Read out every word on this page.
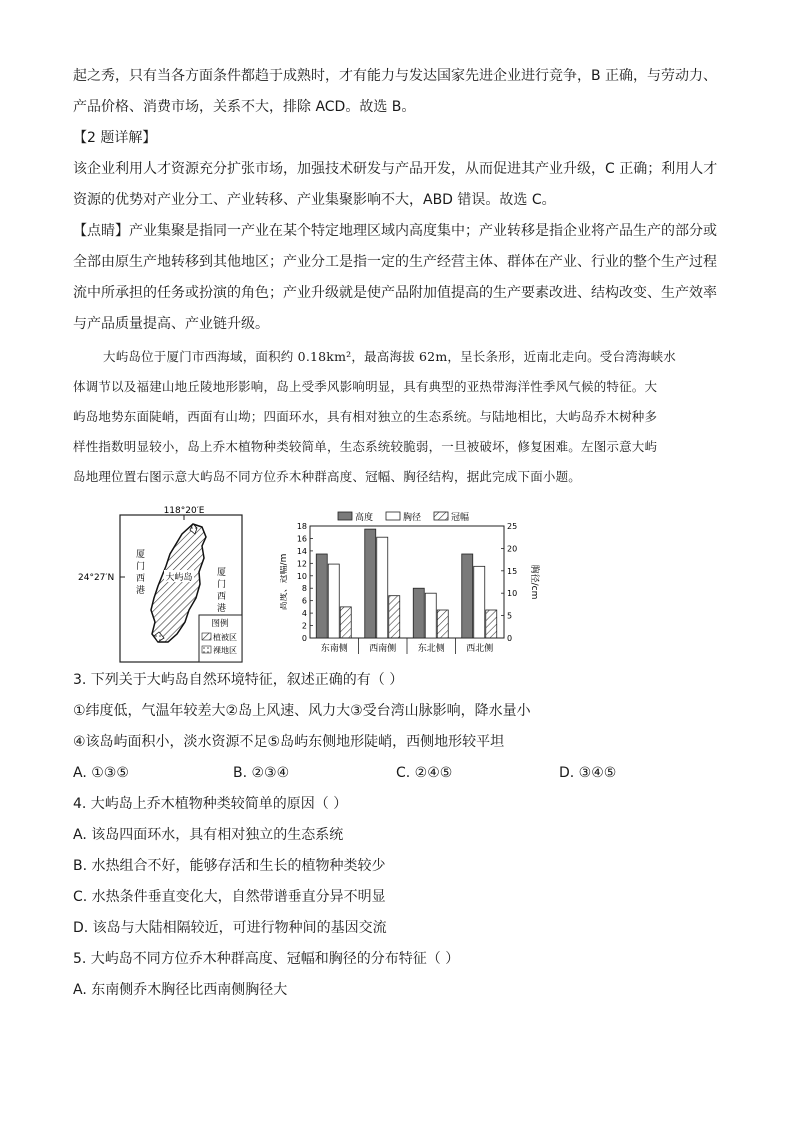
起之秀，只有当各方面条件都趋于成熟时，才有能力与发达国家先进企业进行竞争，B 正确，与劳动力、
产品价格、消费市场，关系不大，排除 ACD。故选 B。
【2 题详解】
该企业利用人才资源充分扩张市场，加强技术研发与产品开发，从而促进其产业升级，C 正确；利用人才
资源的优势对产业分工、产业转移、产业集聚影响不大，ABD 错误。故选 C。
【点睛】产业集聚是指同一产业在某个特定地理区域内高度集中；产业转移是指企业将产品生产的部分或
全部由原生产地转移到其他地区；产业分工是指一定的生产经营主体、群体在产业、行业的整个生产过程
流中所承担的任务或扮演的角色；产业升级就是使产品附加值提高的生产要素改进、结构改变、生产效率
与产品质量提高、产业链升级。
大屿岛位于厦门市西海域，面积约 0.18km²，最高海拔 62m，呈长条形，近南北走向。受台湾海峡水
体调节以及福建山地丘陵地形影响，岛上受季风影响明显，具有典型的亚热带海洋性季风气候的特征。大
屿岛地势东面陡峭，西面有山坳；四面环水，具有相对独立的生态系统。与陆地相比，大屿岛乔木树种多
样性指数明显较小，岛上乔木植物种类较简单，生态系统较脆弱，一旦被破坏，修复困难。左图示意大屿
岛地理位置右图示意大屿岛不同方位乔木种群高度、冠幅、胸径结构，据此完成下面小题。
118°20′E
24°27′N	大屿岛
厦
门
西
港
厦
门
西
港
图例
植被区
裸地区
高度	胸径	冠幅
0
2
4
6
8
10
12
14
16
18
0
5
10
15
20
25
东南侧 西南侧 东北侧 西北侧
高度、冠幅/m	胸径/cm
3. 下列关于大屿岛自然环境特征，叙述正确的有（ ）
①纬度低，气温年较差大②岛上风速、风力大③受台湾山脉影响，降水量小
④该岛屿面积小，淡水资源不足⑤岛屿东侧地形陡峭，西侧地形较平坦
A. ①③⑤	B. ②③④	C. ②④⑤	D. ③④⑤
4. 大屿岛上乔木植物种类较简单的原因（ ）
A. 该岛四面环水，具有相对独立的生态系统
B. 水热组合不好，能够存活和生长的植物种类较少
C. 水热条件垂直变化大，自然带谱垂直分异不明显
D. 该岛与大陆相隔较近，可进行物种间的基因交流
5. 大屿岛不同方位乔木种群高度、冠幅和胸径的分布特征（ ）
A. 东南侧乔木胸径比西南侧胸径大
